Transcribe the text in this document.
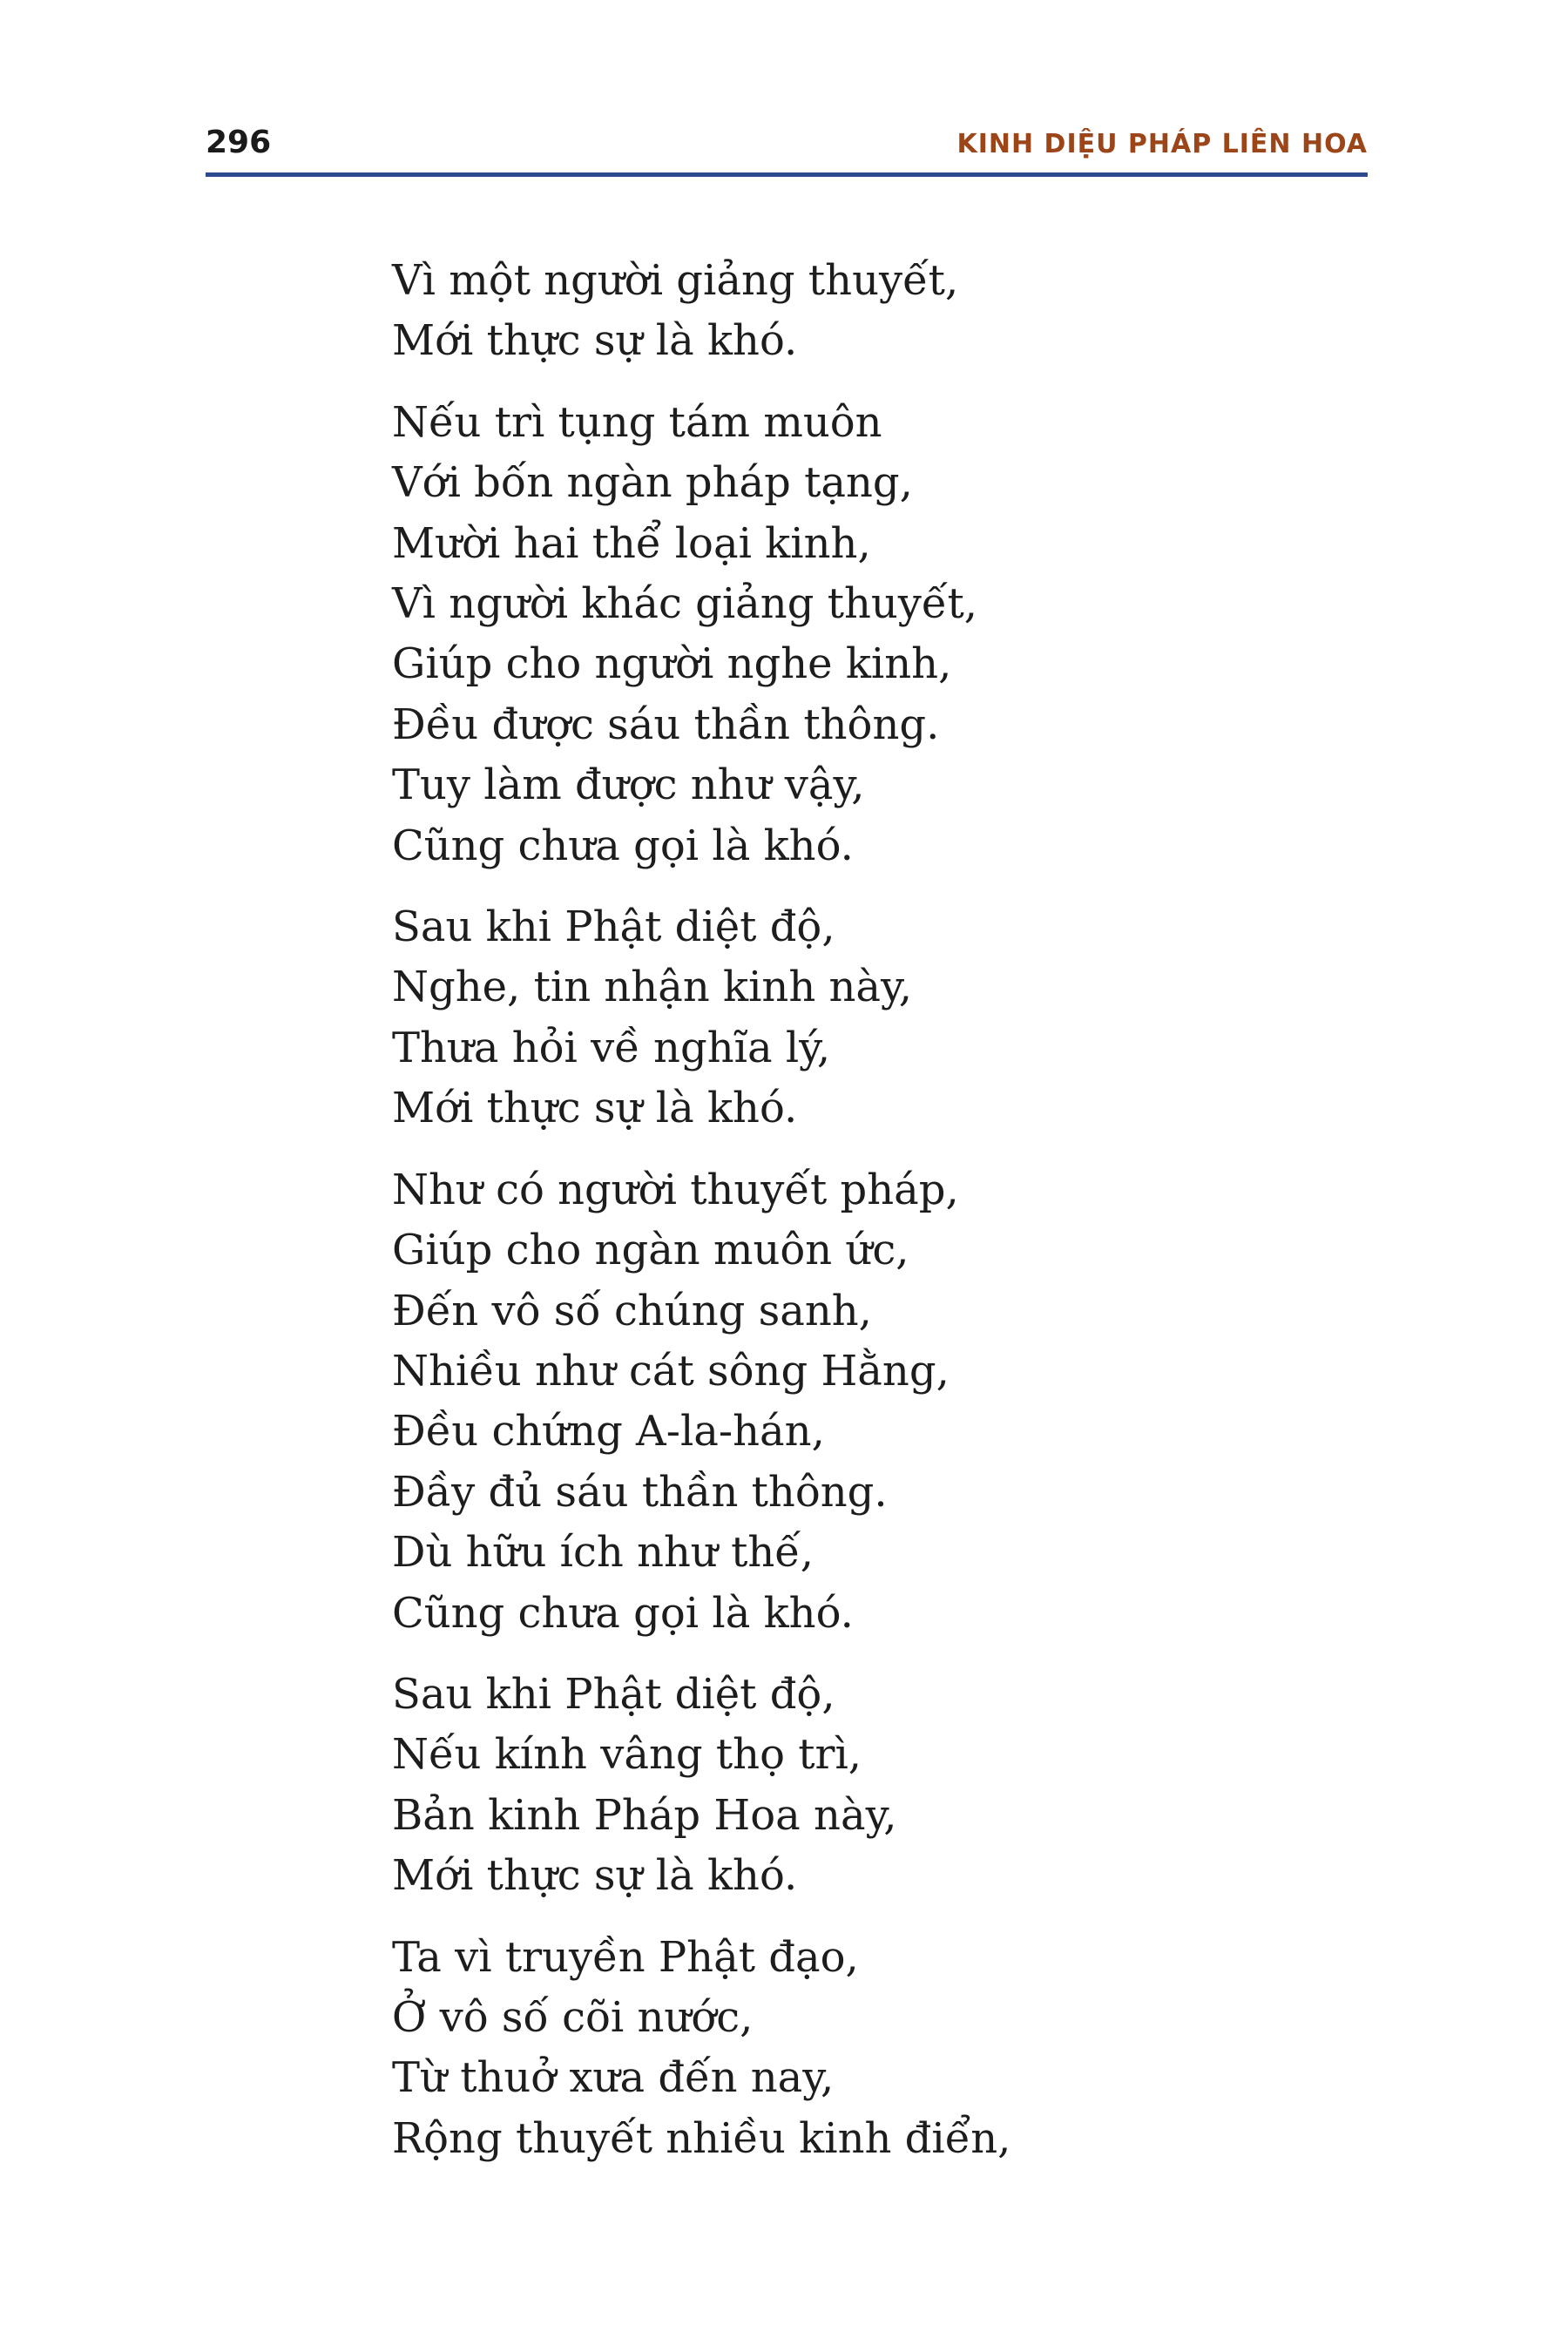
296	KINH DIỆU PHÁP LIÊN HOA
Vì một người giảng thuyết,
Mới thực sự là khó.
Nếu trì tụng tám muôn
Với bốn ngàn pháp tạng,
Mười hai thể loại kinh,
Vì người khác giảng thuyết,
Giúp cho người nghe kinh,
Đều được sáu thần thông.
Tuy làm được như vậy,
Cũng chưa gọi là khó.
Sau khi Phật diệt độ,
Nghe, tin nhận kinh này,
Thưa hỏi về nghĩa lý,
Mới thực sự là khó.
Như có người thuyết pháp,
Giúp cho ngàn muôn ức,
Đến vô số chúng sanh,
Nhiều như cát sông Hằng,
Đều chứng A-la-hán,
Đầy đủ sáu thần thông.
Dù hữu ích như thế,
Cũng chưa gọi là khó.
Sau khi Phật diệt độ,
Nếu kính vâng thọ trì,
Bản kinh Pháp Hoa này,
Mới thực sự là khó.
Ta vì truyền Phật đạo,
Ở vô số cõi nước,
Từ thuở xưa đến nay,
Rộng thuyết nhiều kinh điển,
